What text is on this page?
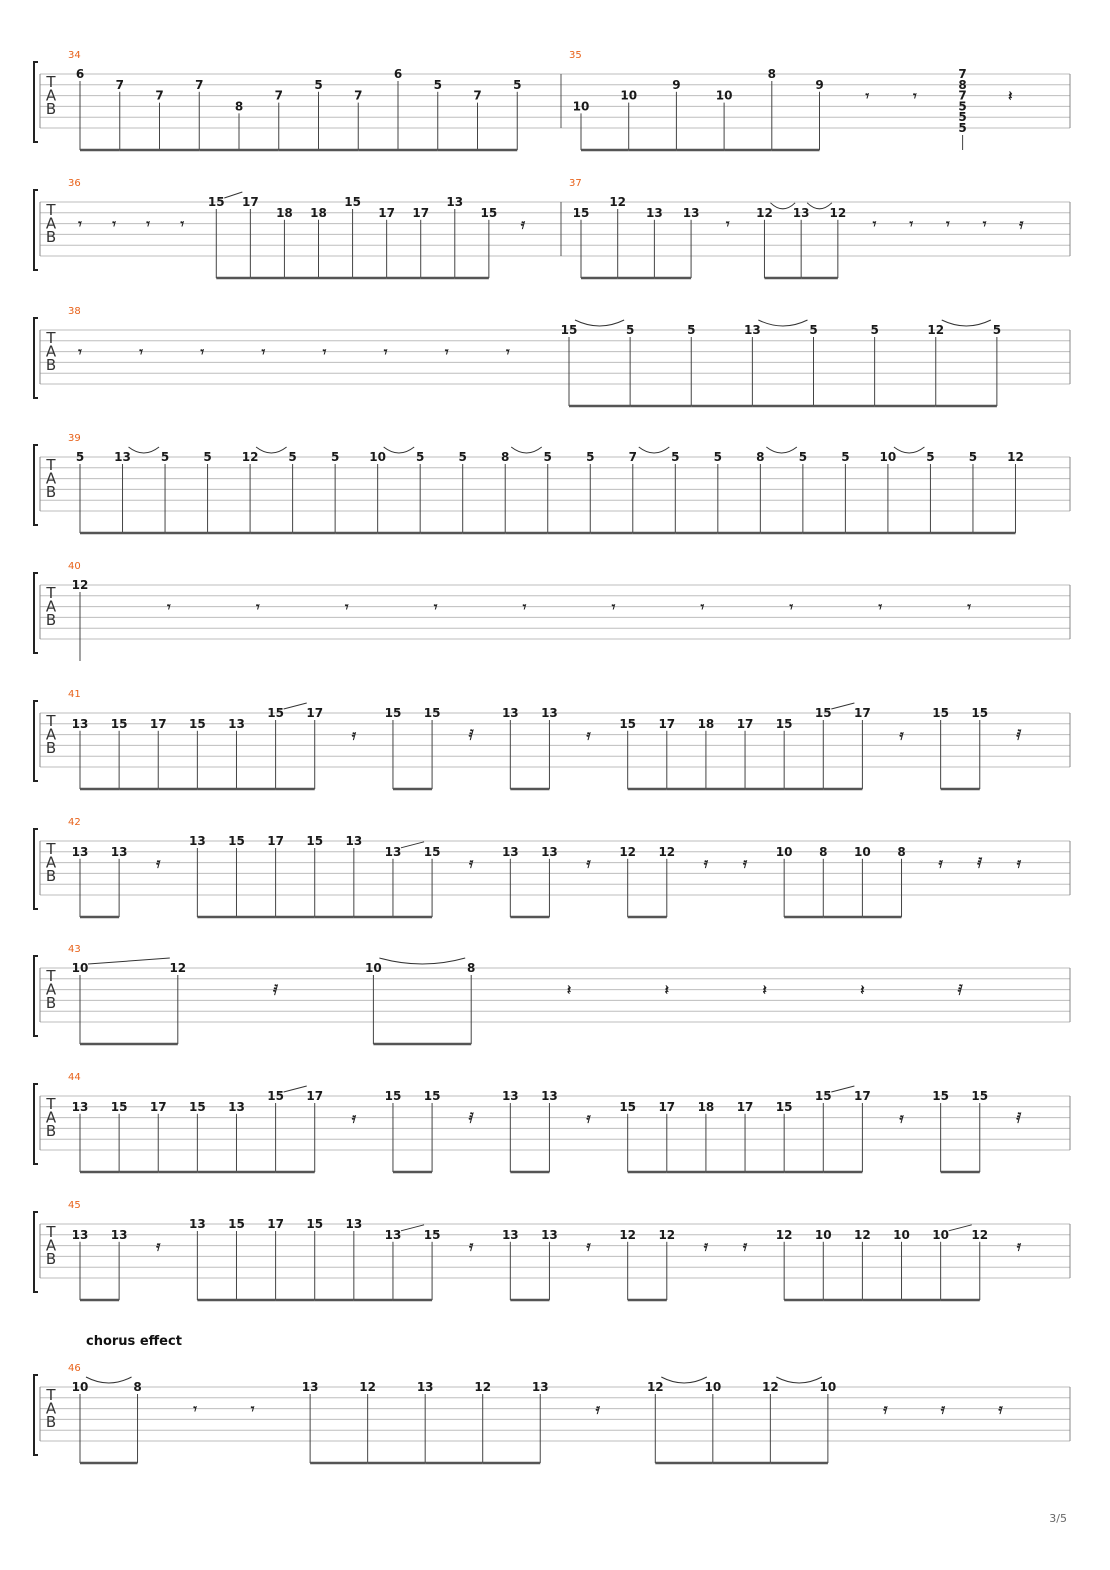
T
A
B
34
6
7
7
7
8
7
5
7
6
5
7
5
35
10
10
9
10
8
9
𝄾	𝄾
7
8
7
5
5
5
𝄽
T
A
B
36
𝄾 𝄾 𝄾 𝄾
15 17
18 18
15
17 17
13
15
𝄿
37
15
12
13 13
𝄾
12 13 12
𝄾 𝄾 𝄾 𝄾 𝄿
T
A
B
38
𝄾	𝄾	𝄾	𝄾	𝄾	𝄾	𝄾	𝄾
15	5	5	13	5	5	12	5
T
A
B
39
5 13 5	5 12 5	5 10 5	5	8	5	5	7	5	5	8	5	5 10 5	5 12
T
A
B
40
12
𝄾	𝄾	𝄾	𝄾	𝄾	𝄾	𝄾	𝄾	𝄾	𝄾
T
A
B
41
13 15 17 15 13
15 17
𝄿
15 15
𝅀
13 13
𝄿
15 17 18 17 15
15 17
𝄿
15 15
𝅀
T
A
B
42
13 13
𝄿
13 15 17 15 13
13 15
𝄿
13 13
𝄿
12 12
𝄿 𝄿
10 8 10 8
𝄿 𝅀 𝄿
T
A
B
43
10	12
𝅀
10	8
𝄽	𝄽	𝄽	𝄽	𝅀
T
A
B
44
13 15 17 15 13
15 17
𝄿
15 15
𝅀
13 13
𝄿
15 17 18 17 15
15 17
𝄿
15 15
𝅀
T
A
B
45
13 13
𝄿
13 15 17 15 13
13 15
𝄿
13 13
𝄿
12 12
𝄿 𝄿
12 10 12 10 10 12
𝄿
T
A
B
chorus effect
46
10	8
𝄾	𝄾
13	12	13	12	13
𝄿
12	10	12	10
𝄿	𝄿	𝄿
3/5
